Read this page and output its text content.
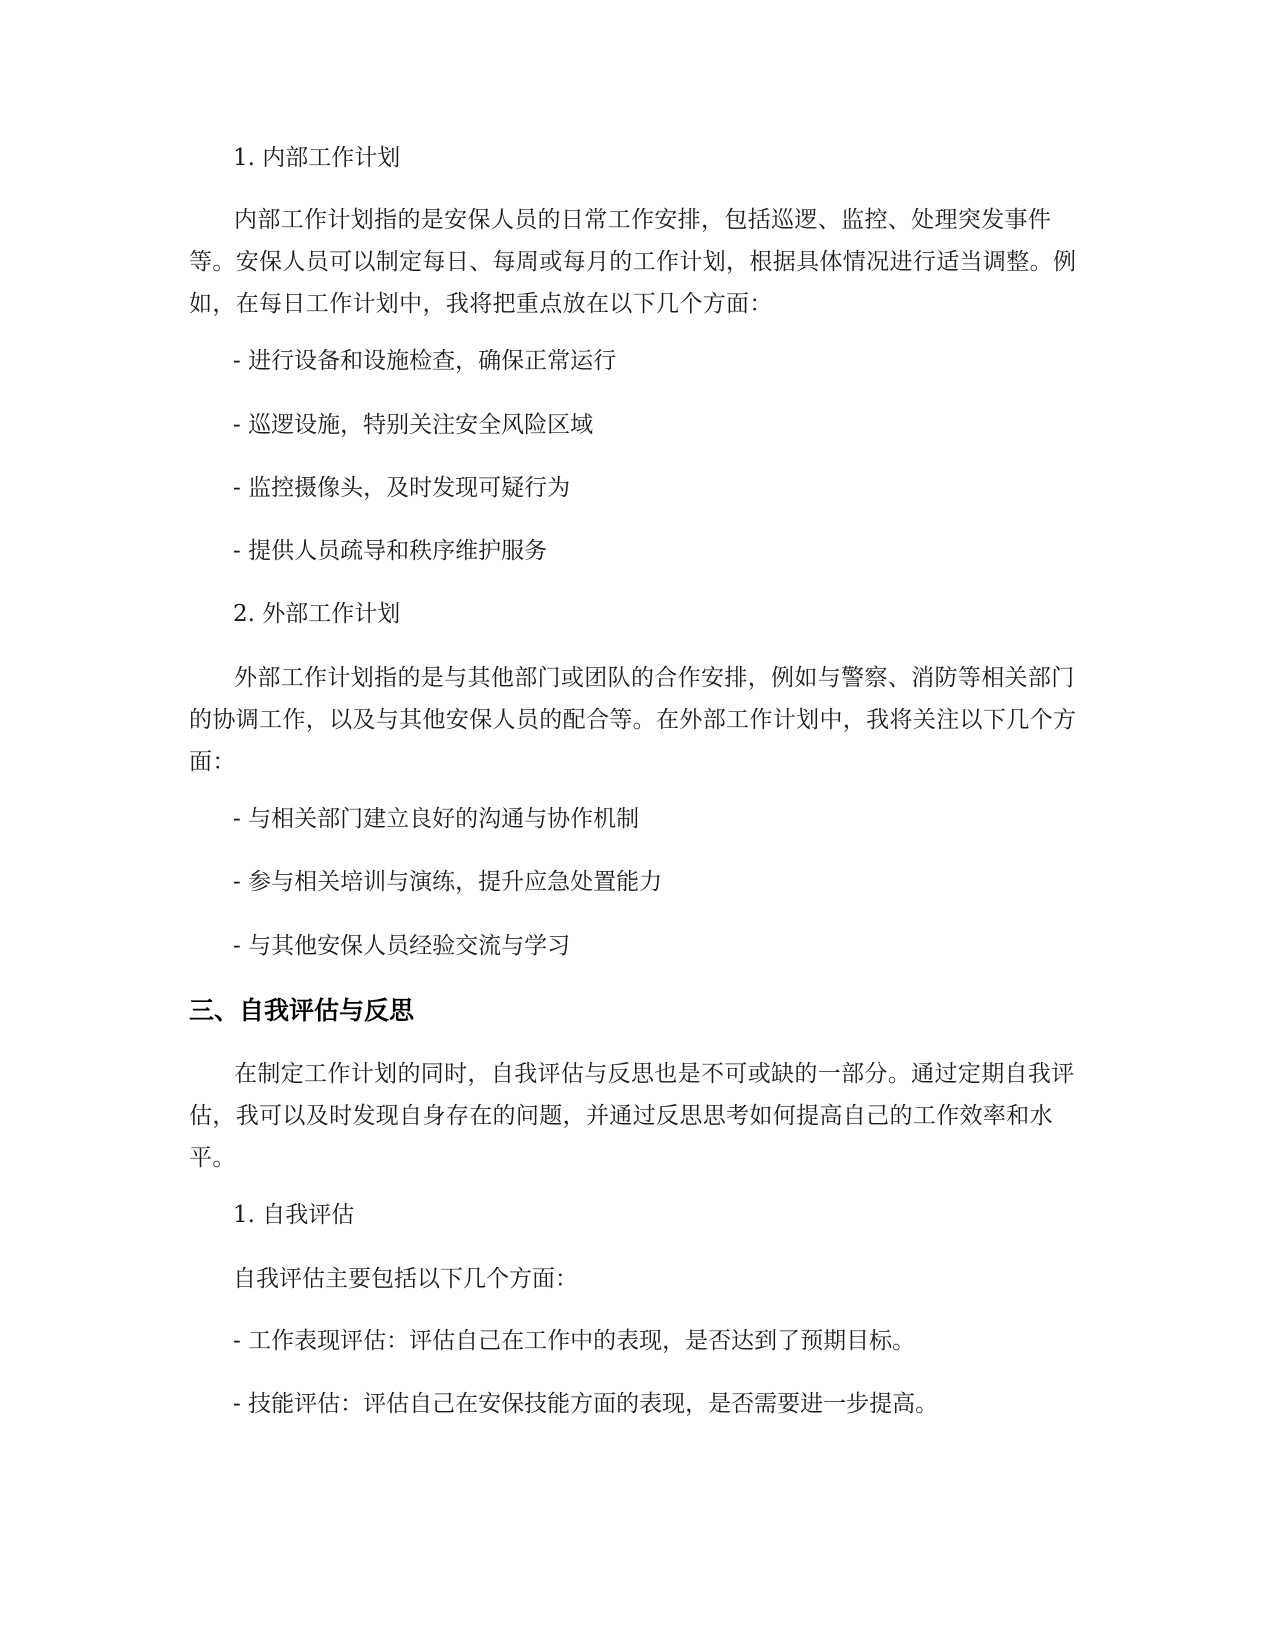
1. 内部工作计划
内部工作计划指的是安保人员的日常工作安排，包括巡逻、监控、处理突发事件等。安保人员可以制定每日、每周或每月的工作计划，根据具体情况进行适当调整。例如，在每日工作计划中，我将把重点放在以下几个方面：
- 进行设备和设施检查，确保正常运行
- 巡逻设施，特别关注安全风险区域
- 监控摄像头，及时发现可疑行为
- 提供人员疏导和秩序维护服务
2. 外部工作计划
外部工作计划指的是与其他部门或团队的合作安排，例如与警察、消防等相关部门的协调工作，以及与其他安保人员的配合等。在外部工作计划中，我将关注以下几个方面：
- 与相关部门建立良好的沟通与协作机制
- 参与相关培训与演练，提升应急处置能力
- 与其他安保人员经验交流与学习
三、自我评估与反思
在制定工作计划的同时，自我评估与反思也是不可或缺的一部分。通过定期自我评估，我可以及时发现自身存在的问题，并通过反思思考如何提高自己的工作效率和水平。
1. 自我评估
自我评估主要包括以下几个方面：
- 工作表现评估：评估自己在工作中的表现，是否达到了预期目标。
- 技能评估：评估自己在安保技能方面的表现，是否需要进一步提高。
